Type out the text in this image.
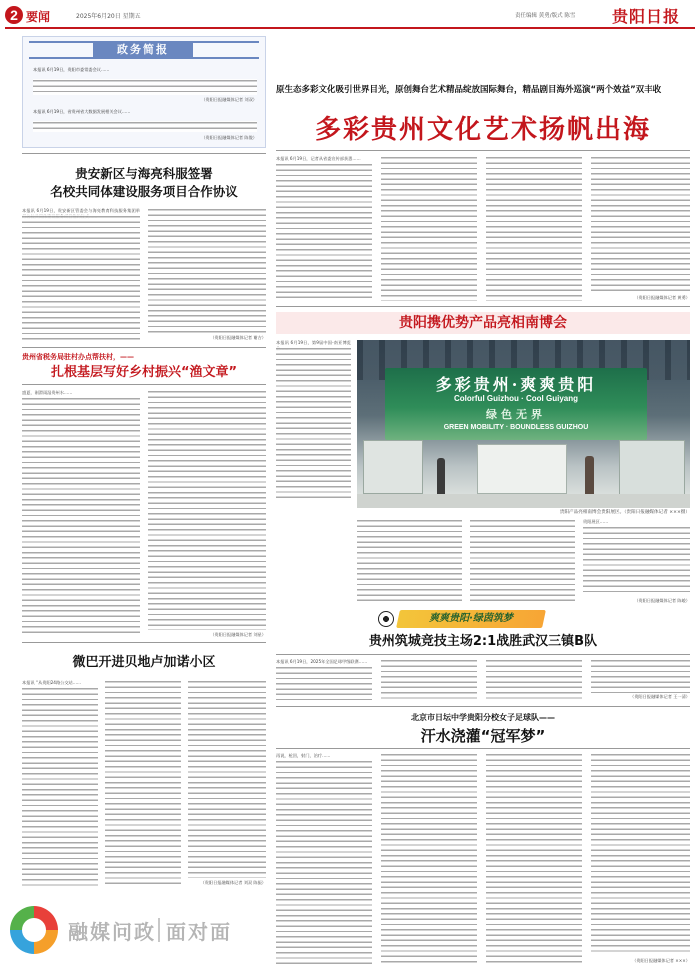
2 要闻	2025年6月20日 星期五	责任编辑 黄勇/版式 陈雪 贵阳日报
政务简报
本报讯 6月19日，贵阳市委常委会议……
（贵阳日报融媒体记者 刘双）
本报讯 6月19日，省贵州省大数据发展相关会议……
（贵阳日报融媒体记者 陈俊）
原生态多彩文化吸引世界目光，原创舞台艺术精品绽放国际舞台，精品剧目海外巡演“两个效益”双丰收
多彩贵州文化艺术扬帆出海
本报讯 6月19日，记者从省委宣传部获悉……
（贵阳日报融媒体记者 黄勇）
贵安新区与海亮科服签署
名校共同体建设服务项目合作协议
本报讯 6月19日，贵安新区管委会与海亮教育科技服务集团举
（贵阳日报融媒体记者 谢吉）
贵州省税务局驻村办点帮扶村，——
扎根基层写好乡村振兴“渔文章”
盛夏，刚滑雨湿贵州水……
（贵阳日报融媒体记者 刘星）
贵阳携优势产品亮相南博会
本报讯 6月19日，第9届中国-南亚博览
多彩贵州·爽爽贵阳
Colorful Guizhou · Cool Guiyang
绿色无界
GREEN MOBILITY · BOUNDLESS GUIZHOU
贵阳产品亮相南博会贵阳展区。（贵阳日报融媒体记者 ×××摄）
贵阳展区……
（贵阳日报融媒体记者 陈峻）
爽爽贵阳·绿茵筑梦
贵州筑城竞技主场2:1战胜武汉三镇B队
本报讯 6月19日，2025年全国足球甲级联赛……
（贵阳日报融媒体记者 王一清）
微巴开进贝地卢加诺小区
本报讯 “从贵阳24路公交站……
（贵阳日报融媒体记者 刘双 陈振）
北京市日坛中学贵阳分校女子足球队——
汗水浇灌“冠军梦”
再说，枪回，射门，治疗……
（贵阳日报融媒体记者 ×××）
融媒问政 面对面
